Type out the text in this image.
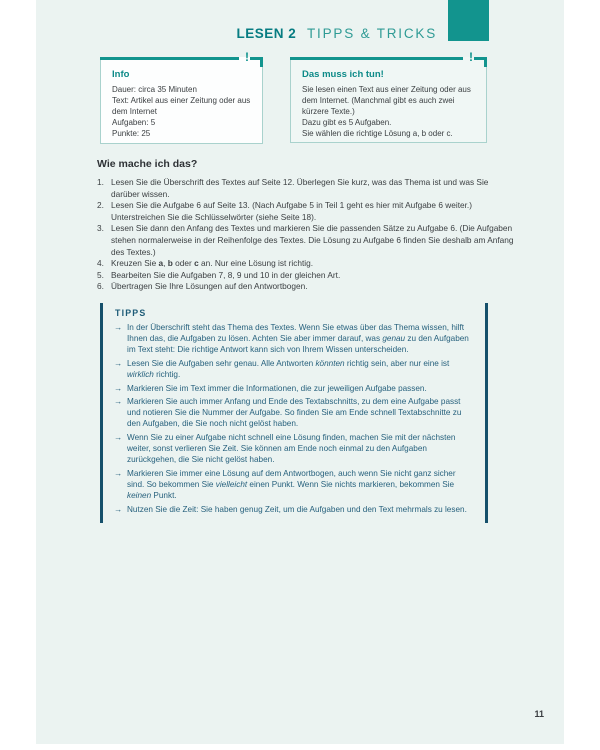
LESEN 2 TIPPS & TRICKS
!
Info
Dauer: circa 35 Minuten
Text: Artikel aus einer Zeitung oder aus dem Internet
Aufgaben: 5
Punkte: 25
!
Das muss ich tun!
Sie lesen einen Text aus einer Zeitung oder aus dem Internet. (Manchmal gibt es auch zwei kürzere Texte.)
Dazu gibt es 5 Aufgaben.
Sie wählen die richtige Lösung a, b oder c.
Wie mache ich das?
1. Lesen Sie die Überschrift des Textes auf Seite 12. Überlegen Sie kurz, was das Thema ist und was Sie darüber wissen.
2. Lesen Sie die Aufgabe 6 auf Seite 13. (Nach Aufgabe 5 in Teil 1 geht es hier mit Aufgabe 6 weiter.) Unterstreichen Sie die Schlüsselwörter (siehe Seite 18).
3. Lesen Sie dann den Anfang des Textes und markieren Sie die passenden Sätze zu Aufgabe 6. (Die Aufgaben stehen normalerweise in der Reihenfolge des Textes. Die Lösung zu Aufgabe 6 finden Sie deshalb am Anfang des Textes.)
4. Kreuzen Sie a, b oder c an. Nur eine Lösung ist richtig.
5. Bearbeiten Sie die Aufgaben 7, 8, 9 und 10 in der gleichen Art.
6. Übertragen Sie Ihre Lösungen auf den Antwortbogen.
TIPPS
→ In der Überschrift steht das Thema des Textes. Wenn Sie etwas über das Thema wissen, hilft Ihnen das, die Aufgaben zu lösen. Achten Sie aber immer darauf, was genau zu den Aufgaben im Text steht: Die richtige Antwort kann sich von Ihrem Wissen unterscheiden.
→ Lesen Sie die Aufgaben sehr genau. Alle Antworten könnten richtig sein, aber nur eine ist wirklich richtig.
→ Markieren Sie im Text immer die Informationen, die zur jeweiligen Aufgabe passen.
→ Markieren Sie auch immer Anfang und Ende des Textabschnitts, zu dem eine Aufgabe passt und notieren Sie die Nummer der Aufgabe. So finden Sie am Ende schnell Textabschnitte zu den Aufgaben, die Sie noch nicht gelöst haben.
→ Wenn Sie zu einer Aufgabe nicht schnell eine Lösung finden, machen Sie mit der nächsten weiter, sonst verlieren Sie Zeit. Sie können am Ende noch einmal zu den Aufgaben zurückgehen, die Sie nicht gelöst haben.
→ Markieren Sie immer eine Lösung auf dem Antwortbogen, auch wenn Sie nicht ganz sicher sind. So bekommen Sie vielleicht einen Punkt. Wenn Sie nichts markieren, bekommen Sie keinen Punkt.
→ Nutzen Sie die Zeit: Sie haben genug Zeit, um die Aufgaben und den Text mehrmals zu lesen.
11
